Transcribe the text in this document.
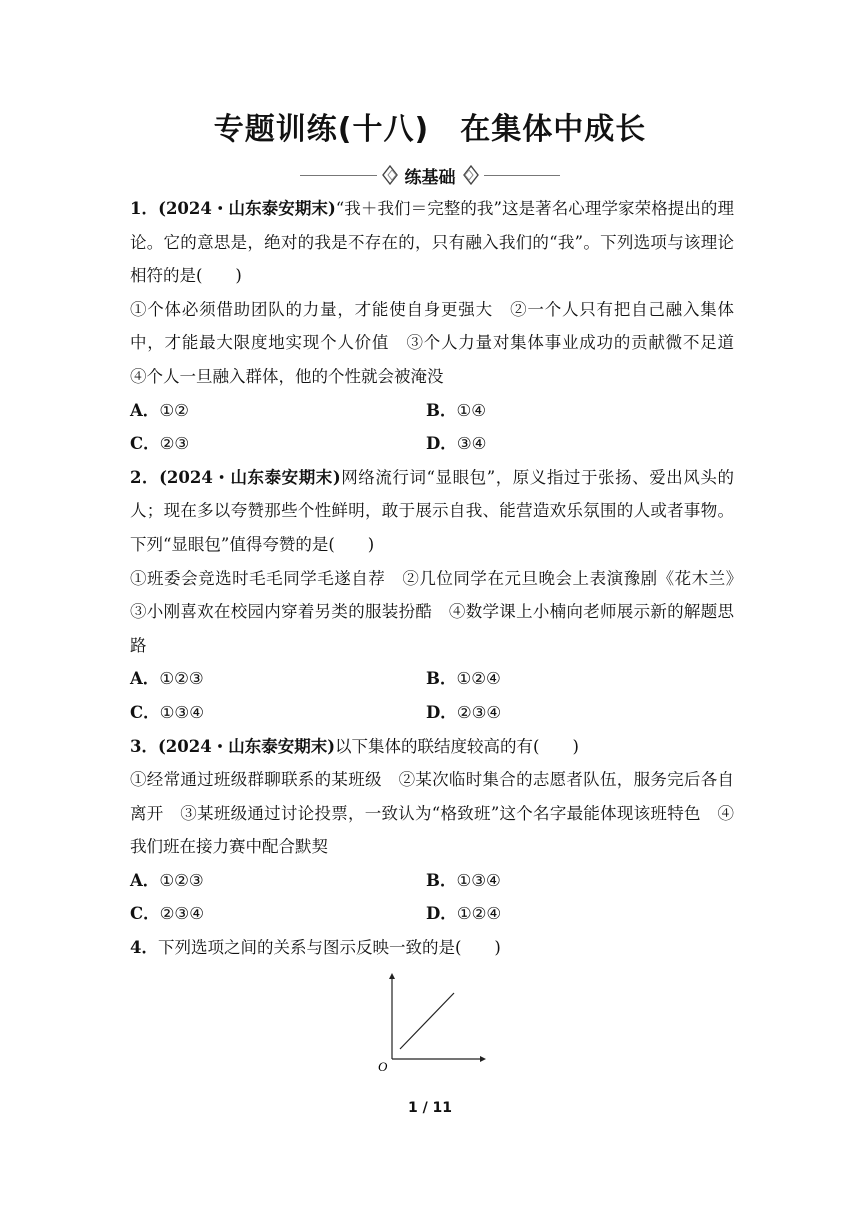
专题训练(十八)　在集体中成长
练基础

1．(2024・山东泰安期末)“我＋我们＝完整的我”这是著名心理学家荣格提出的理论。它的意思是，绝对的我是不存在的，只有融入我们的“我”。下列选项与该理论相符的是(　　)

①个体必须借助团队的力量，才能使自身更强大　②一个人只有把自己融入集体中，才能最大限度地实现个人价值　③个人力量对集体事业成功的贡献微不足道　④个人一旦融入群体，他的个性就会被淹没

A．①②	B．①④
C．②③	D．③④

2．(2024・山东泰安期末)网络流行词“显眼包”，原义指过于张扬、爱出风头的人；现在多以夸赞那些个性鲜明，敢于展示自我、能营造欢乐氛围的人或者事物。下列“显眼包”值得夸赞的是(　　)

①班委会竞选时毛毛同学毛遂自荐　②几位同学在元旦晚会上表演豫剧《花木兰》　③小刚喜欢在校园内穿着另类的服装扮酷　④数学课上小楠向老师展示新的解题思路

A．①②③	B．①②④
C．①③④	D．②③④

3．(2024・山东泰安期末)以下集体的联结度较高的有(　　)

①经常通过班级群聊联系的某班级　②某次临时集合的志愿者队伍，服务完后各自离开　③某班级通过讨论投票，一致认为“格致班”这个名字最能体现该班特色　④我们班在接力赛中配合默契

A．①②③	B．①③④
C．②③④	D．①②④

4．下列选项之间的关系与图示反映一致的是(　　)

O
1 / 11
